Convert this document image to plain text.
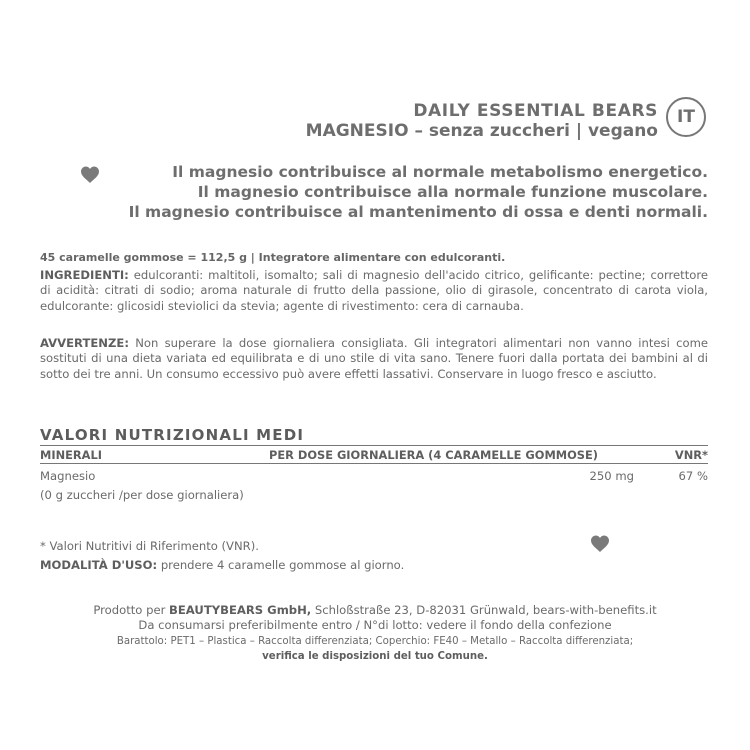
DAILY ESSENTIAL BEARS
MAGNESIO – senza zuccheri | vegano
IT
Il magnesio contribuisce al normale metabolismo energetico.
Il magnesio contribuisce alla normale funzione muscolare.
Il magnesio contribuisce al mantenimento di ossa e denti normali.
45 caramelle gommose = 112,5 g | Integratore alimentare con edulcoranti.
INGREDIENTI: edulcoranti: maltitoli, isomalto; sali di magnesio dell'acido citrico, gelificante: pectine; correttore di acidità: citrati di sodio; aroma naturale di frutto della passione, olio di girasole, concentrato di carota viola, edulcorante: glicosidi steviolici da stevia; agente di rivestimento: cera di carnauba.
AVVERTENZE: Non superare la dose giornaliera consigliata. Gli integratori alimentari non vanno intesi come sostituti di una dieta variata ed equilibrata e di uno stile di vita sano. Tenere fuori dalla portata dei bambini al di sotto dei tre anni. Un consumo eccessivo può avere effetti lassativi. Conservare in luogo fresco e asciutto.
VALORI NUTRIZIONALI MEDI
MINERALI	PER DOSE GIORNALIERA (4 CARAMELLE GOMMOSE)	VNR*
Magnesio	250 mg	67 %
(0 g zuccheri /per dose giornaliera)
* Valori Nutritivi di Riferimento (VNR).
MODALITÀ D'USO: prendere 4 caramelle gommose al giorno.
Prodotto per BEAUTYBEARS GmbH, Schloßstraße 23, D-82031 Grünwald, bears-with-benefits.it
Da consumarsi preferibilmente entro / N°di lotto: vedere il fondo della confezione
Barattolo: PET1 – Plastica – Raccolta differenziata; Coperchio: FE40 – Metallo – Raccolta differenziata;
verifica le disposizioni del tuo Comune.
